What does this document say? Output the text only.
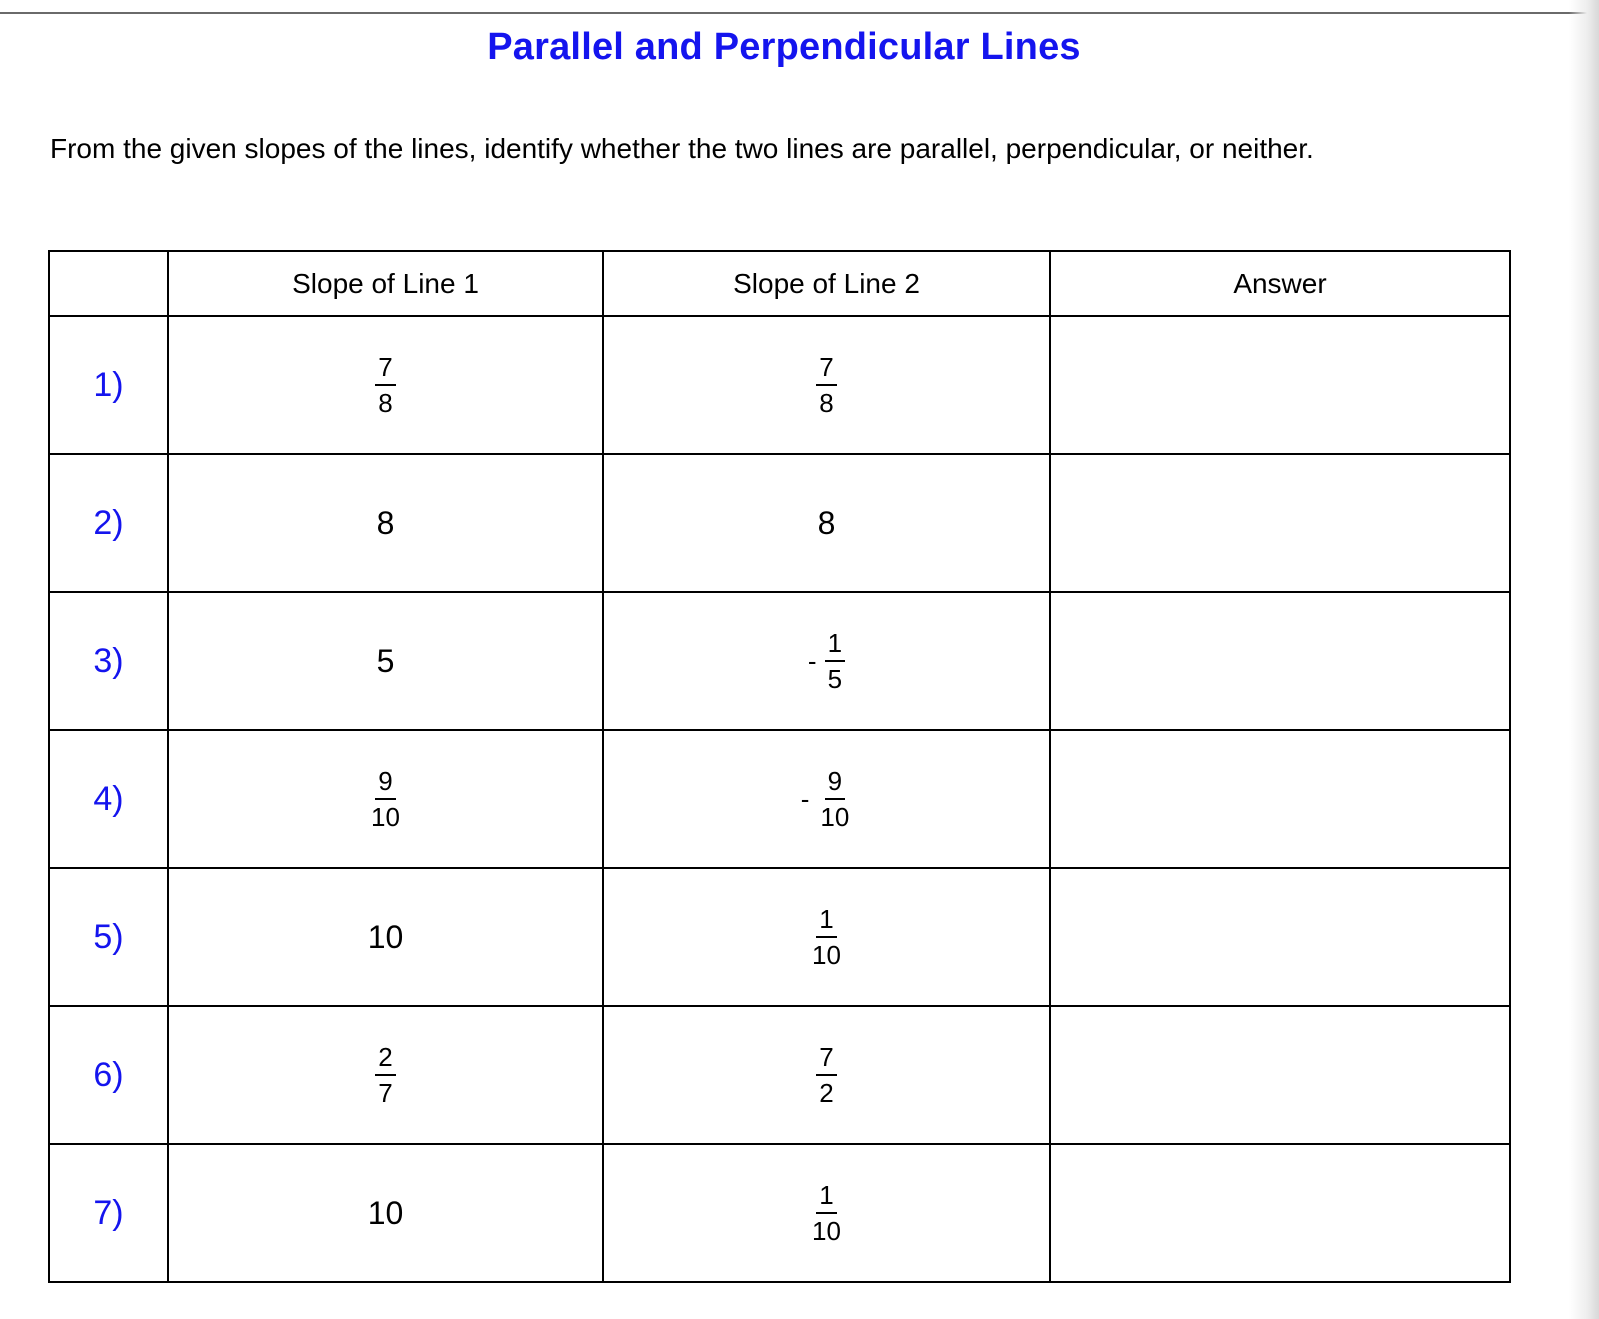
Parallel and Perpendicular Lines
From the given slopes of the lines, identify whether the two lines are parallel, perpendicular, or neither.
	Slope of Line 1	Slope of Line 2	Answer
1)	$\frac{7}{8}$	$\frac{7}{8}$

2)	8	8	
3)	5	- $\frac{1}{5}$

4)	$\frac{9}{10}$	- $\frac{9}{10}$

5)	10	$\frac{1}{10}$

6)	$\frac{2}{7}$	$\frac{7}{2}$

7)	10	$\frac{1}{10}$
